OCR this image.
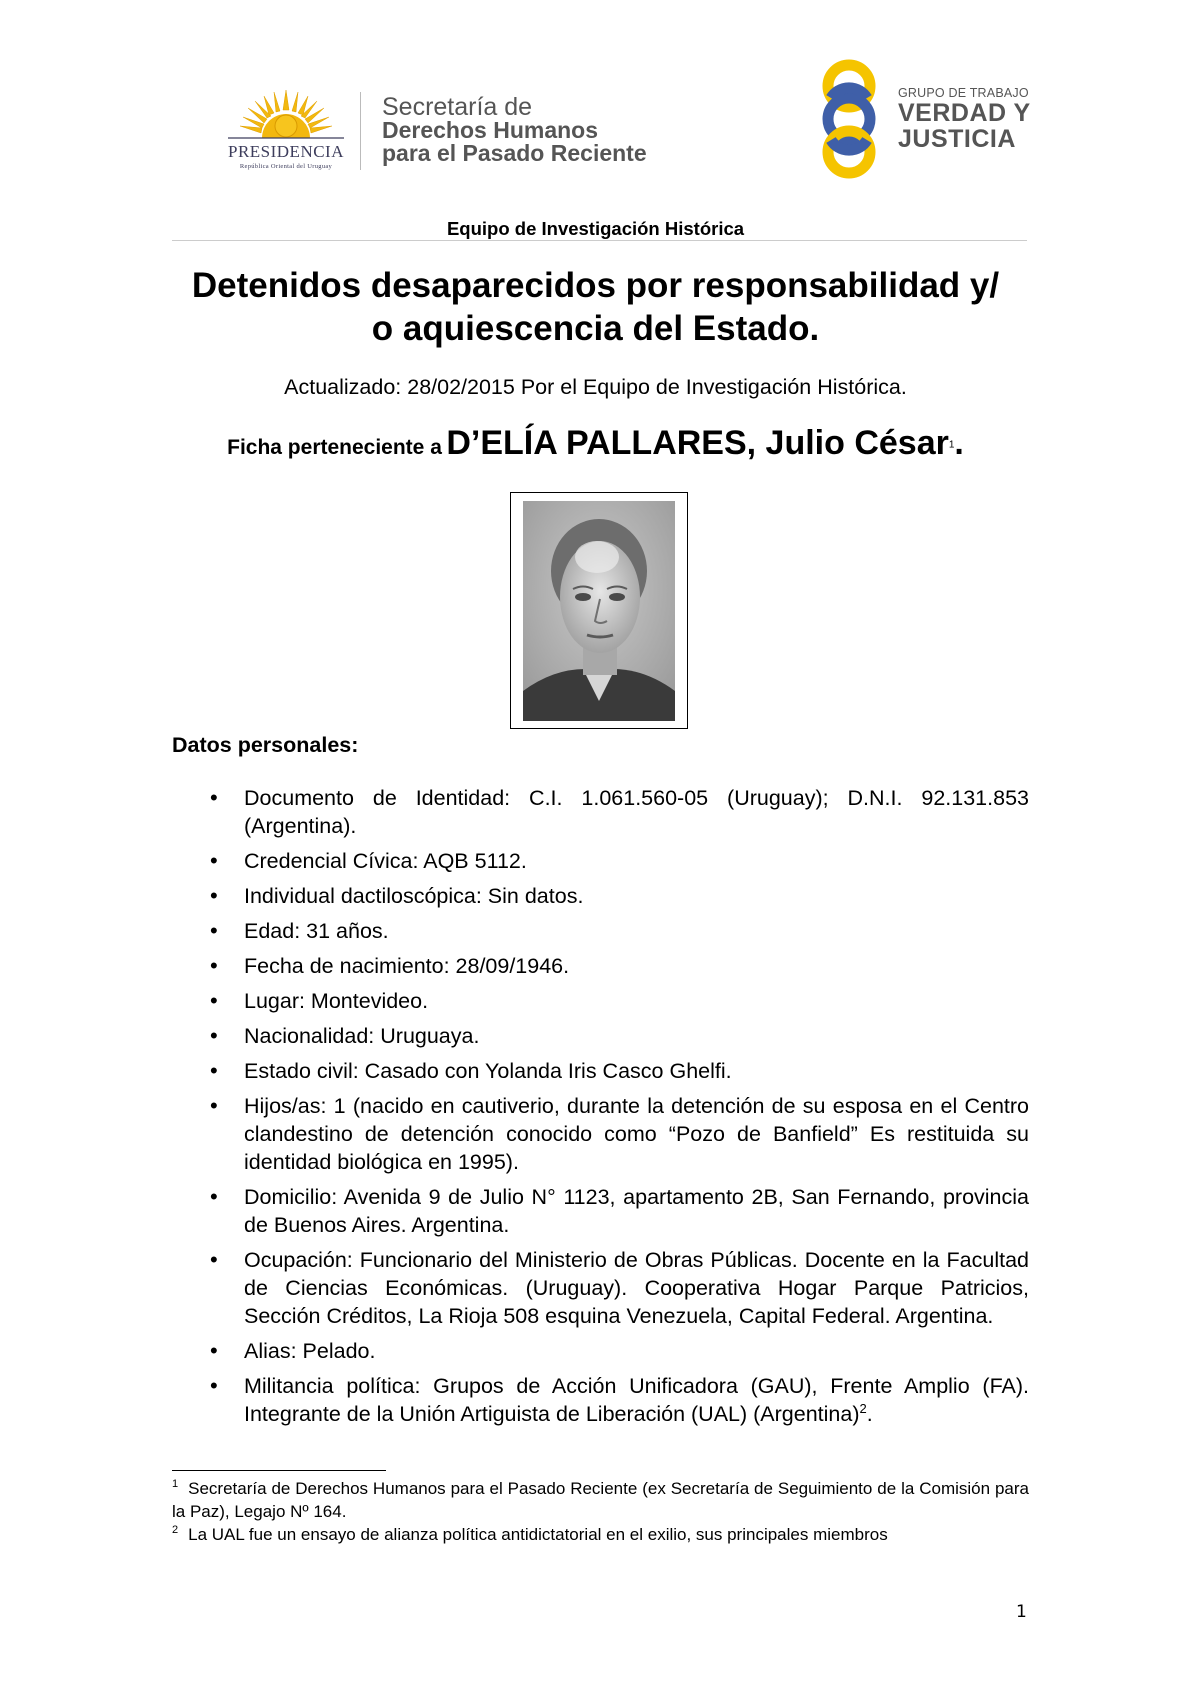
PRESIDENCIA
República Oriental del Uruguay
Secretaría de
Derechos Humanos
para el Pasado Reciente
GRUPO DE TRABAJO
VERDAD Y
JUSTICIA
Equipo de Investigación Histórica
Detenidos desaparecidos por responsabilidad y/
o aquiescencia del Estado.
Actualizado: 28/02/2015 Por el Equipo de Investigación Histórica.
Ficha perteneciente a D’ELÍA PALLARES, Julio César$^1$.
Datos personales:
• Documento de Identidad: C.I. 1.061.560-05 (Uruguay); D.N.I. 92.131.853 (Argentina).
• Credencial Cívica: AQB 5112.
• Individual dactiloscópica: Sin datos.
• Edad: 31 años.
• Fecha de nacimiento: 28/09/1946.
• Lugar: Montevideo.
• Nacionalidad: Uruguaya.
• Estado civil: Casado con Yolanda Iris Casco Ghelfi.
• Hijos/as: 1 (nacido en cautiverio, durante la detención de su esposa en el Centro clandestino de detención conocido como “Pozo de Banfield” Es restituida su identidad biológica en 1995).
• Domicilio: Avenida 9 de Julio N° 1123, apartamento 2B, San Fernando, provincia de Buenos Aires. Argentina.
• Ocupación: Funcionario del Ministerio de Obras Públicas. Docente en la Facultad de Ciencias Económicas. (Uruguay). Cooperativa Hogar Parque Patricios, Sección Créditos, La Rioja 508 esquina Venezuela, Capital Federal. Argentina.
• Alias: Pelado.
• Militancia política: Grupos de Acción Unificadora (GAU), Frente Amplio (FA). Integrante de la Unión Artiguista de Liberación (UAL) (Argentina)$^2$.
$^1$ Secretaría de Derechos Humanos para el Pasado Reciente (ex Secretaría de Seguimiento de la Comisión para la Paz), Legajo Nº 164.
$^2$ La UAL fue un ensayo de alianza política antidictatorial en el exilio, sus principales miembros
1
